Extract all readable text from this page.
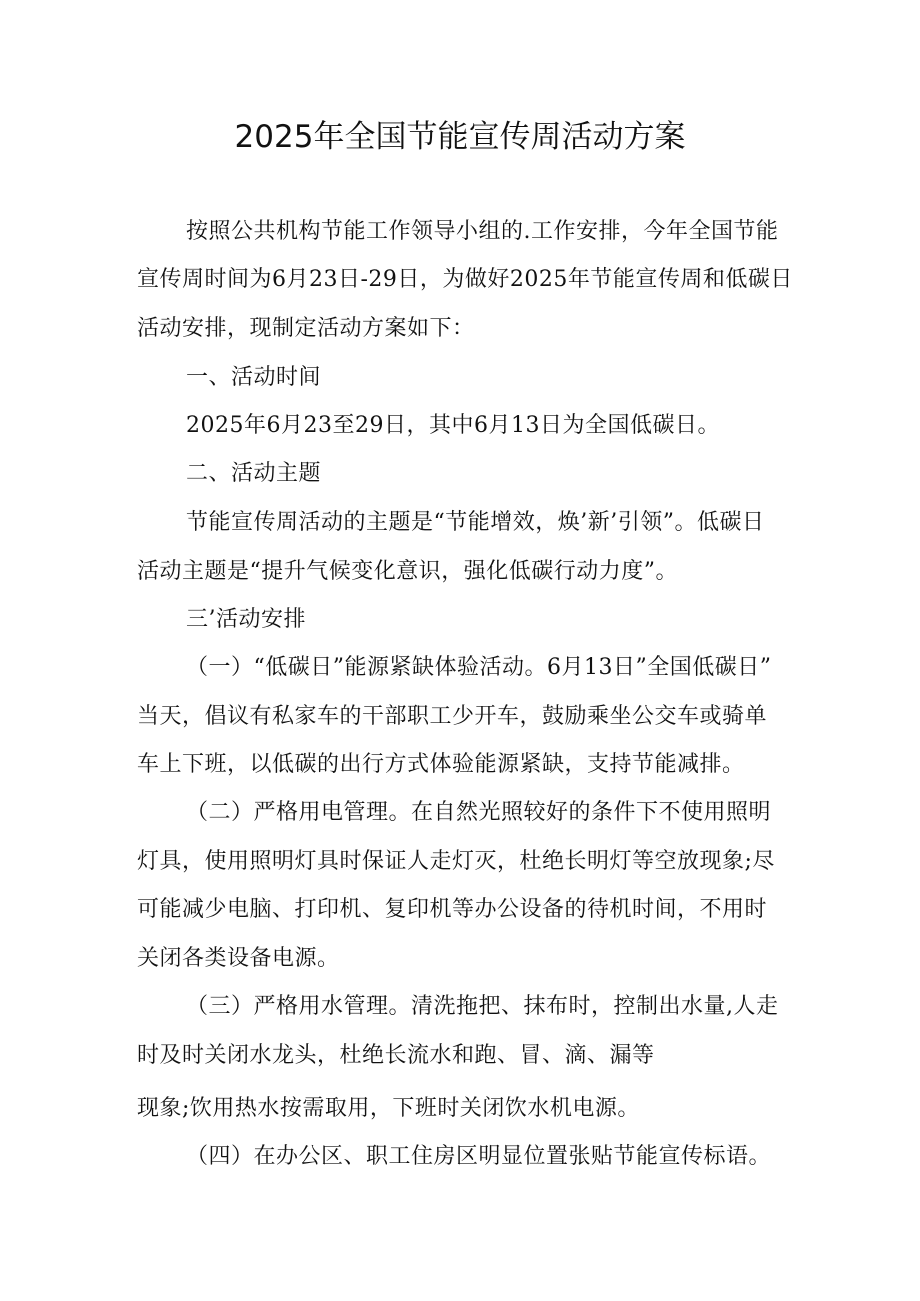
2025年全国节能宣传周活动方案
按照公共机构节能工作领导小组的.工作安排，今年全国节能
宣传周时间为6月23日-29日，为做好2025年节能宣传周和低碳日
活动安排，现制定活动方案如下：
一、活动时间
2025年6月23至29日，其中6月13日为全国低碳日。
二、活动主题
节能宣传周活动的主题是“节能增效，焕’新’引领”。低碳日
活动主题是“提升气候变化意识，强化低碳行动力度”。
三’活动安排
（一）“低碳日”能源紧缺体验活动。6月13日”全国低碳日”
当天，倡议有私家车的干部职工少开车，鼓励乘坐公交车或骑单
车上下班，以低碳的出行方式体验能源紧缺，支持节能减排。
（二）严格用电管理。在自然光照较好的条件下不使用照明
灯具，使用照明灯具时保证人走灯灭，杜绝长明灯等空放现象;尽
可能减少电脑、打印机、复印机等办公设备的待机时间，不用时
关闭各类设备电源。
（三）严格用水管理。清洗拖把、抹布时，控制出水量,人走
时及时关闭水龙头，杜绝长流水和跑、冒、滴、漏等
现象;饮用热水按需取用，下班时关闭饮水机电源。
（四）在办公区、职工住房区明显位置张贴节能宣传标语。
